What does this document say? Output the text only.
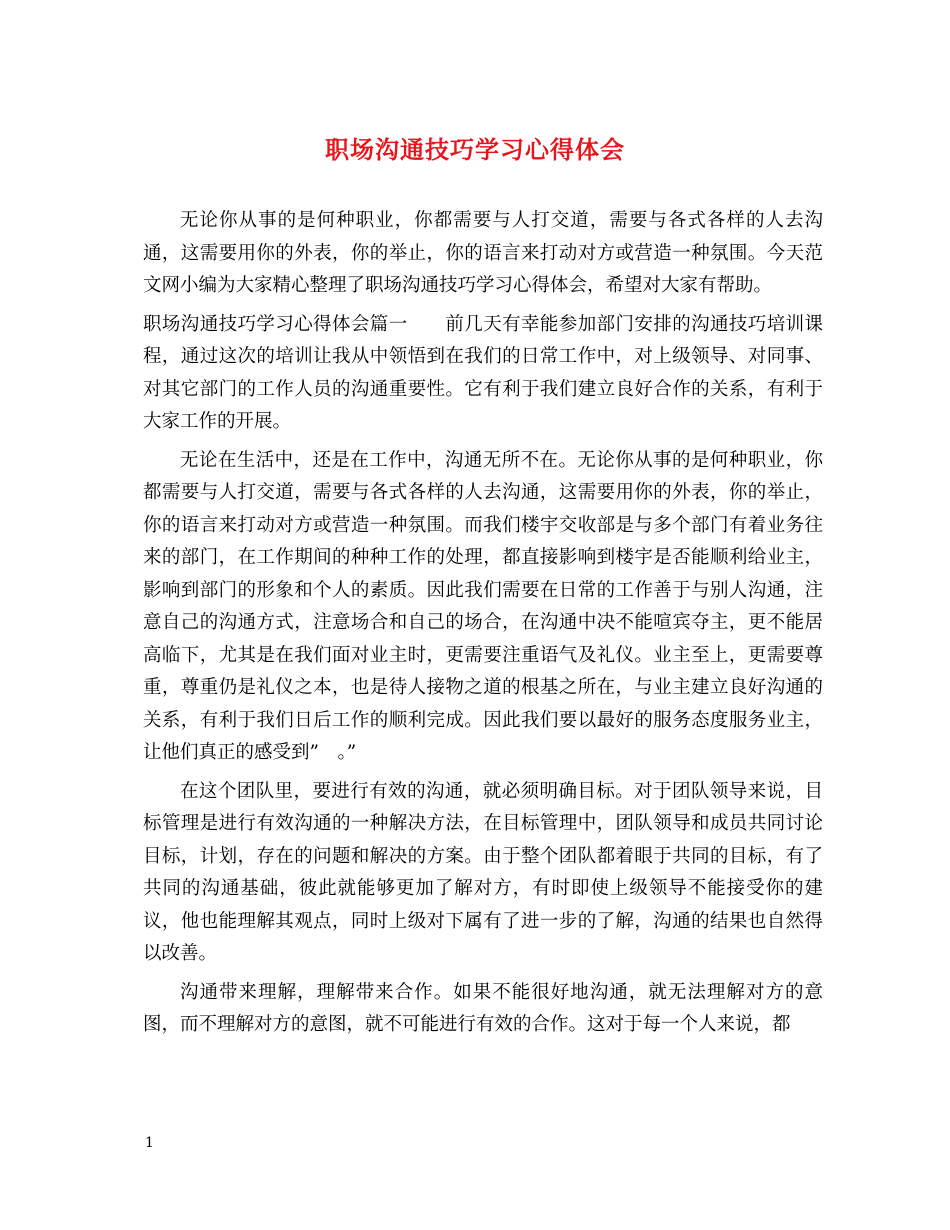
职场沟通技巧学习心得体会

无论你从事的是何种职业，你都需要与人打交道，需要与各式各样的人去沟通，这需要用你的外表，你的举止，你的语言来打动对方或营造一种氛围。今天范文网小编为大家精心整理了职场沟通技巧学习心得体会，希望对大家有帮助。

职场沟通技巧学习心得体会篇一　　前几天有幸能参加部门安排的沟通技巧培训课程，通过这次的培训让我从中领悟到在我们的日常工作中，对上级领导、对同事、对其它部门的工作人员的沟通重要性。它有利于我们建立良好合作的关系，有利于大家工作的开展。

无论在生活中，还是在工作中，沟通无所不在。无论你从事的是何种职业，你都需要与人打交道，需要与各式各样的人去沟通，这需要用你的外表，你的举止，你的语言来打动对方或营造一种氛围。而我们楼宇交收部是与多个部门有着业务往来的部门，在工作期间的种种工作的处理，都直接影响到楼宇是否能顺利给业主，影响到部门的形象和个人的素质。因此我们需要在日常的工作善于与别人沟通，注意自己的沟通方式，注意场合和自己的场合，在沟通中决不能喧宾夺主，更不能居高临下，尤其是在我们面对业主时，更需要注重语气及礼仪。业主至上，更需要尊重，尊重仍是礼仪之本，也是待人接物之道的根基之所在，与业主建立良好沟通的关系，有利于我们日后工作的顺利完成。因此我们要以最好的服务态度服务业主，让他们真正的感受到”　。”

在这个团队里，要进行有效的沟通，就必须明确目标。对于团队领导来说，目标管理是进行有效沟通的一种解决方法，在目标管理中，团队领导和成员共同讨论目标，计划，存在的问题和解决的方案。由于整个团队都着眼于共同的目标，有了共同的沟通基础，彼此就能够更加了解对方，有时即使上级领导不能接受你的建议，他也能理解其观点，同时上级对下属有了进一步的了解，沟通的结果也自然得以改善。

沟通带来理解，理解带来合作。如果不能很好地沟通，就无法理解对方的意图，而不理解对方的意图，就不可能进行有效的合作。这对于每一个人来说，都

1
